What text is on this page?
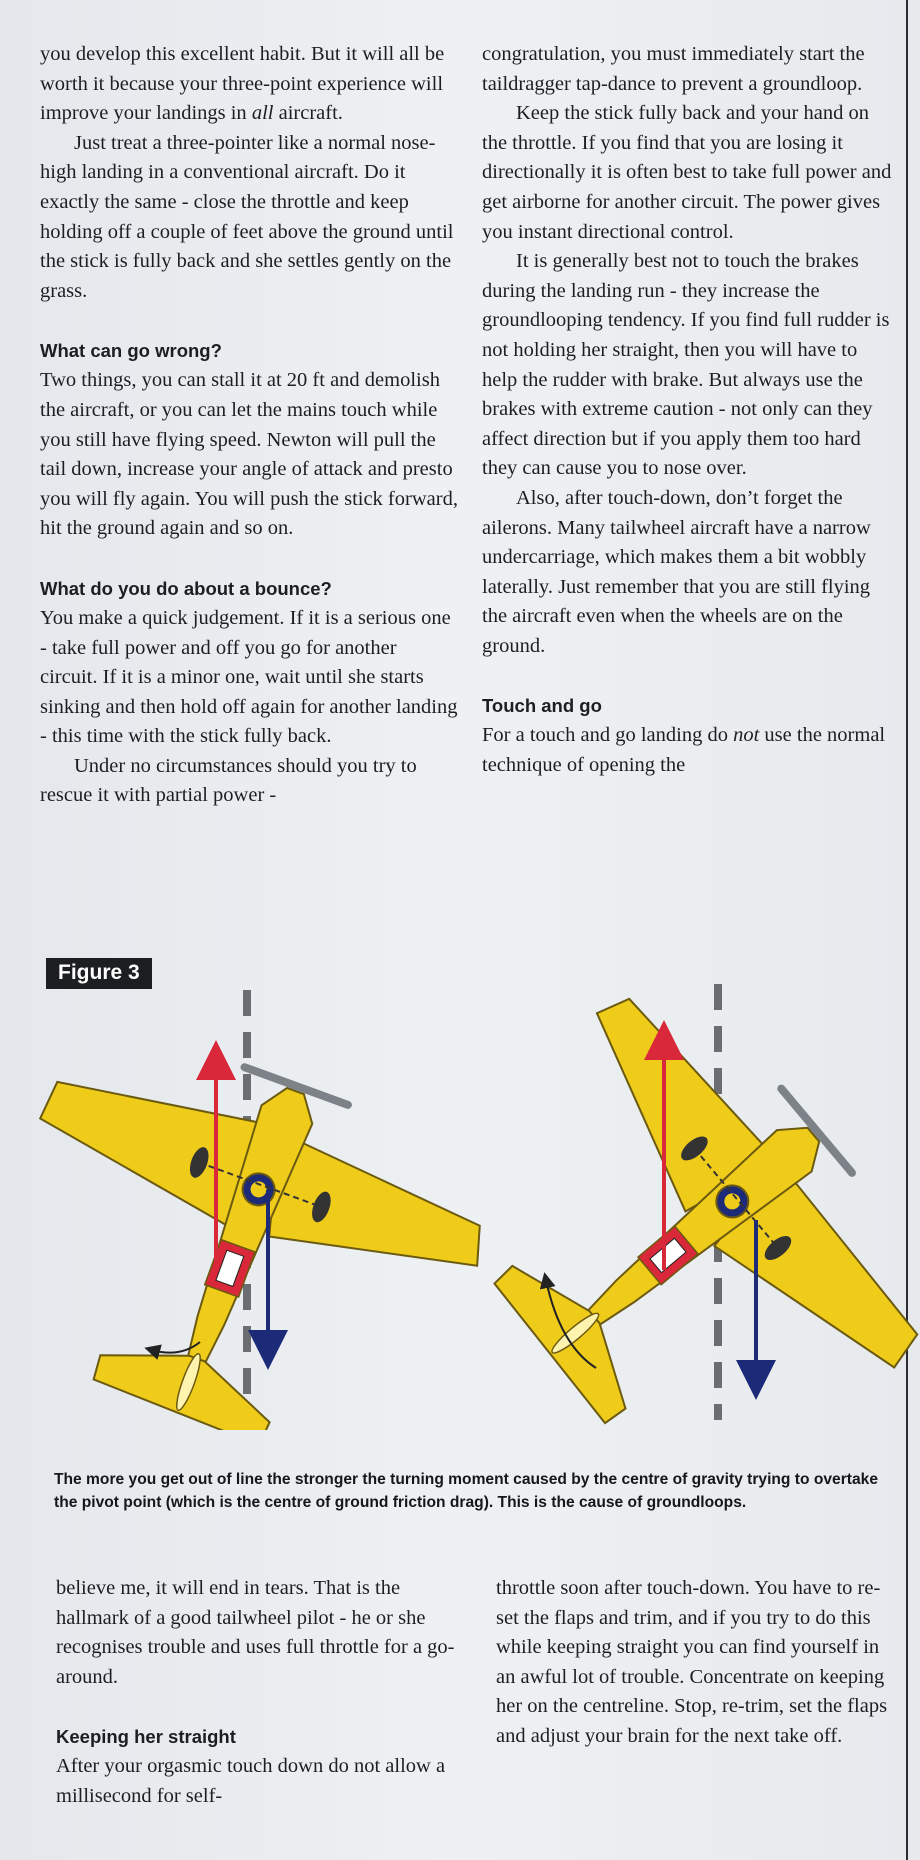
you develop this excellent habit. But it will all be worth it because your three-point experience will improve your landings in all aircraft.

Just treat a three-pointer like a normal nose-high landing in a conventional aircraft. Do it exactly the same - close the throttle and keep holding off a couple of feet above the ground until the stick is fully back and she settles gently on the grass.

What can go wrong?

Two things, you can stall it at 20 ft and demolish the aircraft, or you can let the mains touch while you still have flying speed. Newton will pull the tail down, increase your angle of attack and presto you will fly again. You will push the stick forward, hit the ground again and so on.

What do you do about a bounce?

You make a quick judgement. If it is a serious one - take full power and off you go for another circuit. If it is a minor one, wait until she starts sinking and then hold off again for another landing - this time with the stick fully back.

Under no circumstances should you try to rescue it with partial power -

congratulation, you must immediately start the taildragger tap-dance to prevent a groundloop.

Keep the stick fully back and your hand on the throttle. If you find that you are losing it directionally it is often best to take full power and get airborne for another circuit. The power gives you instant directional control.

It is generally best not to touch the brakes during the landing run - they increase the groundlooping tendency. If you find full rudder is not holding her straight, then you will have to help the rudder with brake. But always use the brakes with extreme caution - not only can they affect direction but if you apply them too hard they can cause you to nose over.

Also, after touch-down, don’t forget the ailerons. Many tailwheel aircraft have a narrow undercarriage, which makes them a bit wobbly laterally. Just remember that you are still flying the aircraft even when the wheels are on the ground.

Touch and go

For a touch and go landing do not use the normal technique of opening the

Figure 3
The more you get out of line the stronger the turning moment caused by the centre of gravity trying to overtake the pivot point (which is the centre of ground friction drag). This is the cause of groundloops.

believe me, it will end in tears. That is the hallmark of a good tailwheel pilot - he or she recognises trouble and uses full throttle for a go-around.

Keeping her straight

After your orgasmic touch down do not allow a millisecond for self-

throttle soon after touch-down. You have to re-set the flaps and trim, and if you try to do this while keeping straight you can find yourself in an awful lot of trouble. Concentrate on keeping her on the centreline. Stop, re-trim, set the flaps and adjust your brain for the next take off.
